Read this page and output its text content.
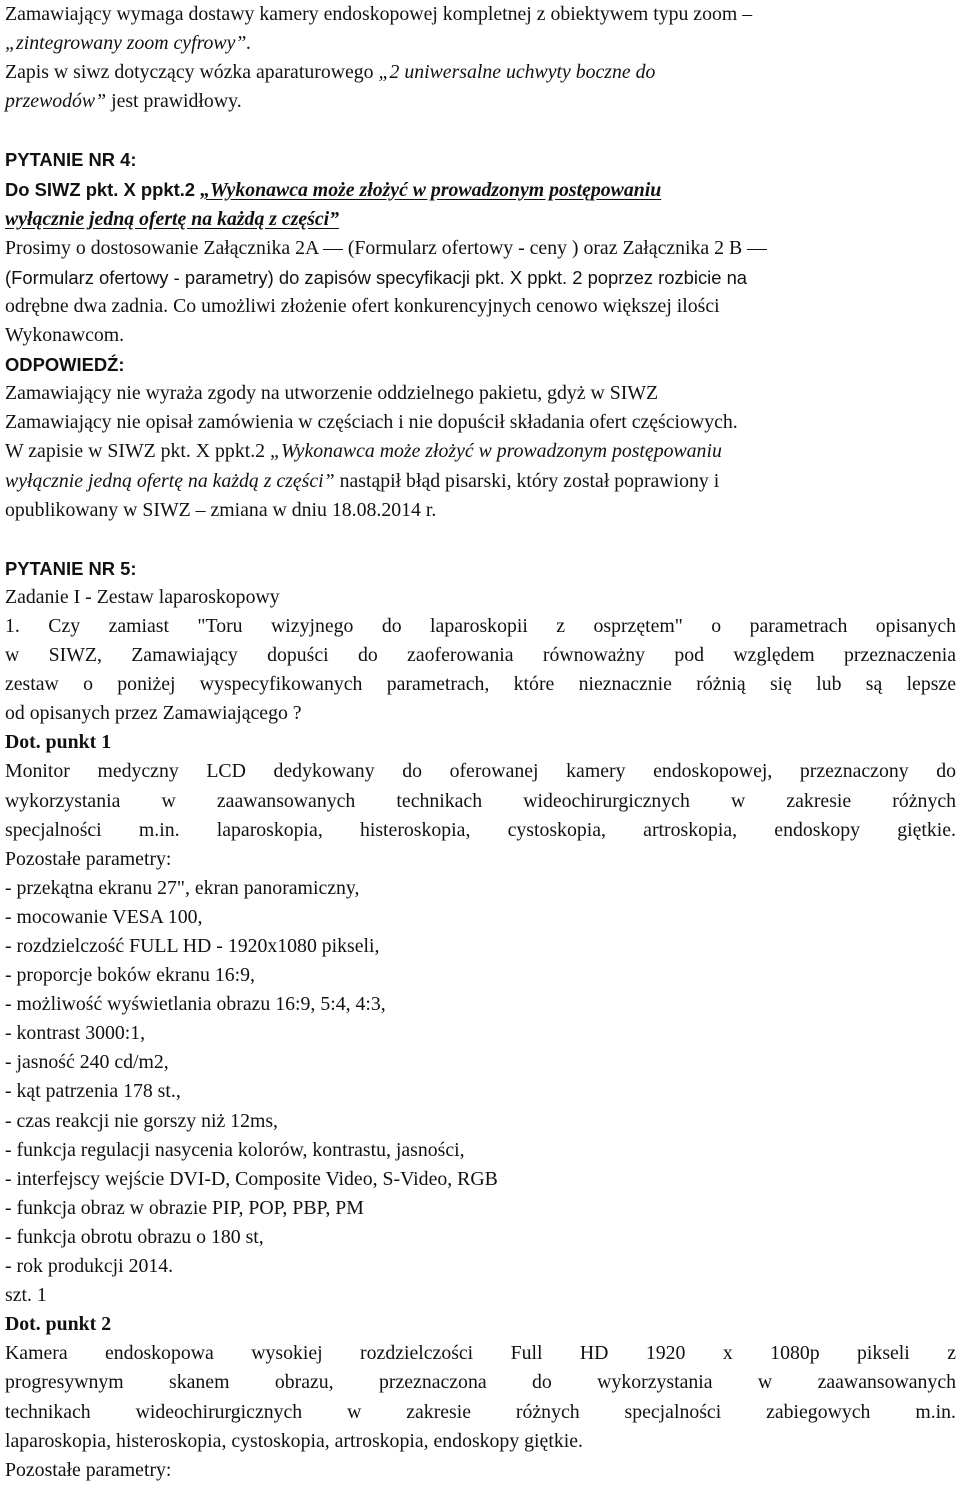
Zamawiający wymaga dostawy kamery endoskopowej kompletnej z obiektywem typu zoom –
„zintegrowany zoom cyfrowy”.
Zapis w siwz dotyczący wózka aparaturowego „2 uniwersalne uchwyty boczne do
przewodów” jest prawidłowy.
PYTANIE NR 4:
Do SIWZ pkt. X ppkt.2 „Wykonawca może złożyć w prowadzonym postępowaniu
wyłącznie jedną ofertę na każdą z części”
Prosimy o dostosowanie Załącznika 2A — (Formularz ofertowy - ceny ) oraz Załącznika 2 B —
(Formularz ofertowy - parametry) do zapisów specyfikacji pkt. X ppkt. 2 poprzez rozbicie na
odrębne dwa zadnia. Co umożliwi złożenie ofert konkurencyjnych cenowo większej ilości
Wykonawcom.
ODPOWIEDŹ:
Zamawiający nie wyraża zgody na utworzenie oddzielnego pakietu, gdyż w SIWZ
Zamawiający nie opisał zamówienia w częściach i nie dopuścił składania ofert częściowych.
W zapisie w SIWZ pkt. X ppkt.2 „Wykonawca może złożyć w prowadzonym postępowaniu
wyłącznie jedną ofertę na każdą z części” nastąpił błąd pisarski, który został poprawiony i
opublikowany w SIWZ – zmiana w dniu 18.08.2014 r.
PYTANIE NR 5:
Zadanie I - Zestaw laparoskopowy
1. Czy zamiast "Toru wizyjnego do laparoskopii z osprzętem" o parametrach opisanych
w SIWZ, Zamawiający dopuści do zaoferowania równoważny pod względem przeznaczenia
zestaw o poniżej wyspecyfikowanych parametrach, które nieznacznie różnią się lub są lepsze
od opisanych przez Zamawiającego ?
Dot. punkt 1
Monitor medyczny LCD dedykowany do oferowanej kamery endoskopowej, przeznaczony do
wykorzystania w zaawansowanych technikach wideochirurgicznych w zakresie różnych
specjalności m.in. laparoskopia, histeroskopia, cystoskopia, artroskopia, endoskopy giętkie.
Pozostałe parametry:
- przekątna ekranu 27", ekran panoramiczny,
- mocowanie VESA 100,
- rozdzielczość FULL HD - 1920x1080 pikseli,
- proporcje boków ekranu 16:9,
- możliwość wyświetlania obrazu 16:9, 5:4, 4:3,
- kontrast 3000:1,
- jasność 240 cd/m2,
- kąt patrzenia 178 st.,
- czas reakcji nie gorszy niż 12ms,
- funkcja regulacji nasycenia kolorów, kontrastu, jasności,
- interfejscy wejście DVI-D, Composite Video, S-Video, RGB
- funkcja obraz w obrazie PIP, POP, PBP, PM
- funkcja obrotu obrazu o 180 st,
- rok produkcji 2014.
szt. 1
Dot. punkt 2
Kamera endoskopowa wysokiej rozdzielczości Full HD 1920 x 1080p pikseli z
progresywnym skanem obrazu, przeznaczona do wykorzystania w zaawansowanych
technikach wideochirurgicznych w zakresie różnych specjalności zabiegowych m.in.
laparoskopia, histeroskopia, cystoskopia, artroskopia, endoskopy giętkie.
Pozostałe parametry:
